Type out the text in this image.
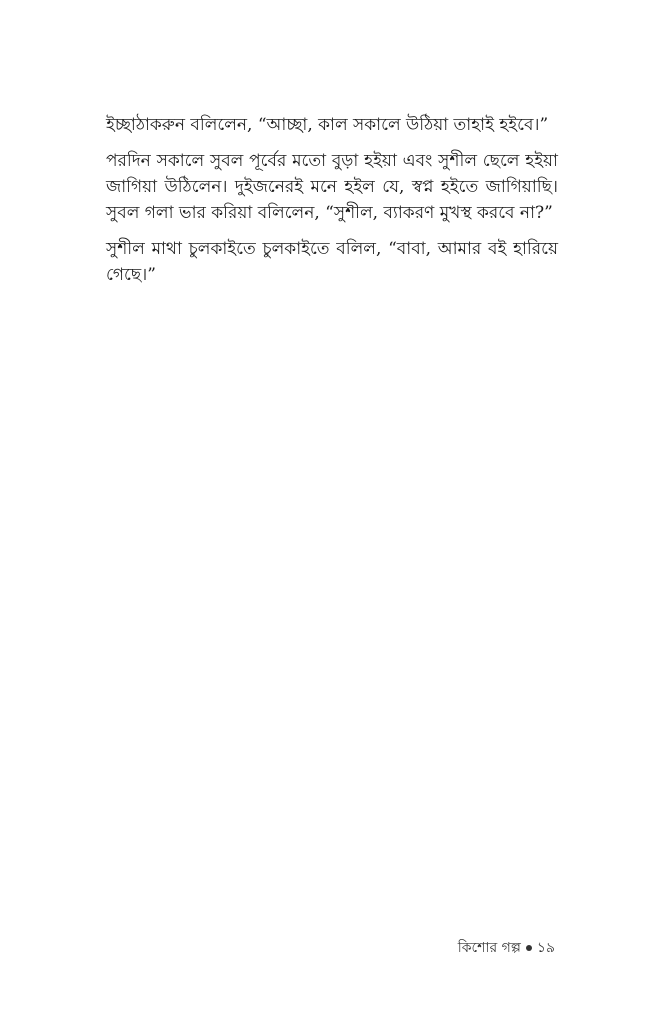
ইচ্ছাঠাকরুন বলিলেন, “আচ্ছা, কাল সকালে উঠিয়া তাহাই হইবে।”

পরদিন সকালে সুবল পূর্বের মতো বুড়া হইয়া এবং সুশীল ছেলে হইয়া জাগিয়া উঠিলেন। দুইজনেরই মনে হইল যে, স্বপ্ন হইতে জাগিয়াছি। সুবল গলা ভার করিয়া বলিলেন, “সুশীল, ব্যাকরণ মুখস্থ করবে না?”

সুশীল মাথা চুলকাইতে চুলকাইতে বলিল, “বাবা, আমার বই হারিয়ে গেছে।”

কিশোর গল্প ১৯
